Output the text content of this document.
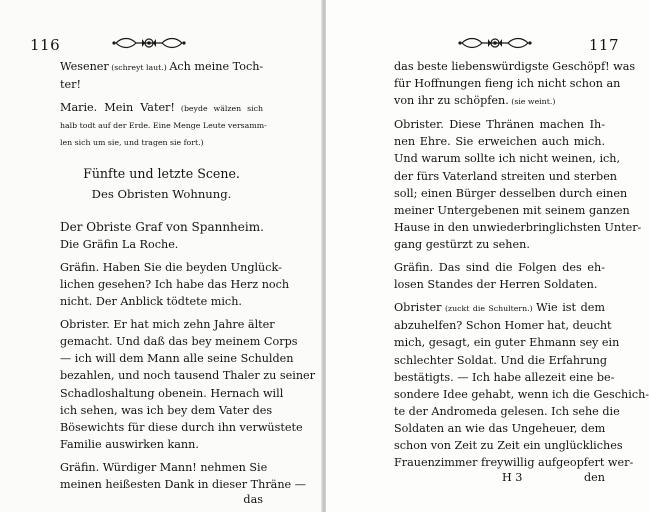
116
Wesener (schreyt laut.) Ach meine Toch-
ter!
Marie. Mein Vater! (beyde wälzen sich
halb todt auf der Erde. Eine Menge Leute versamm-
len sich um sie, und tragen sie fort.)
Fünfte und letzte Scene.
Des Obristen Wohnung.
Der Obriste Graf von Spannheim.
Die Gräfin La Roche.
Gräfin. Haben Sie die beyden Unglück-
lichen gesehen? Ich habe das Herz noch
nicht. Der Anblick tödtete mich.
Obrister. Er hat mich zehn Jahre älter
gemacht. Und daß das bey meinem Corps
— ich will dem Mann alle seine Schulden
bezahlen, und noch tausend Thaler zu seiner
Schadloshaltung obenein. Hernach will
ich sehen, was ich bey dem Vater des
Bösewichts für diese durch ihn verwüstete
Familie auswirken kann.
Gräfin. Würdiger Mann! nehmen Sie
meinen heißesten Dank in dieser Thräne —
das
117
das beste liebenswürdigste Geschöpf! was
für Hoffnungen fieng ich nicht schon an
von ihr zu schöpfen. (sie weint.)
Obrister. Diese Thränen machen Ih-
nen Ehre. Sie erweichen auch mich.
Und warum sollte ich nicht weinen, ich,
der fürs Vaterland streiten und sterben
soll; einen Bürger desselben durch einen
meiner Untergebenen mit seinem ganzen
Hause in den unwiederbringlichsten Unter-
gang gestürzt zu sehen.
Gräfin. Das sind die Folgen des eh-
losen Standes der Herren Soldaten.
Obrister (zuckt die Schultern.) Wie ist dem
abzuhelfen? Schon Homer hat, deucht
mich, gesagt, ein guter Ehmann sey ein
schlechter Soldat. Und die Erfahrung
bestätigts. — Ich habe allezeit eine be-
sondere Idee gehabt, wenn ich die Geschich-
te der Andromeda gelesen. Ich sehe die
Soldaten an wie das Ungeheuer, dem
schon von Zeit zu Zeit ein unglückliches
Frauenzimmer freywillig aufgeopfert wer-
H 3	den
